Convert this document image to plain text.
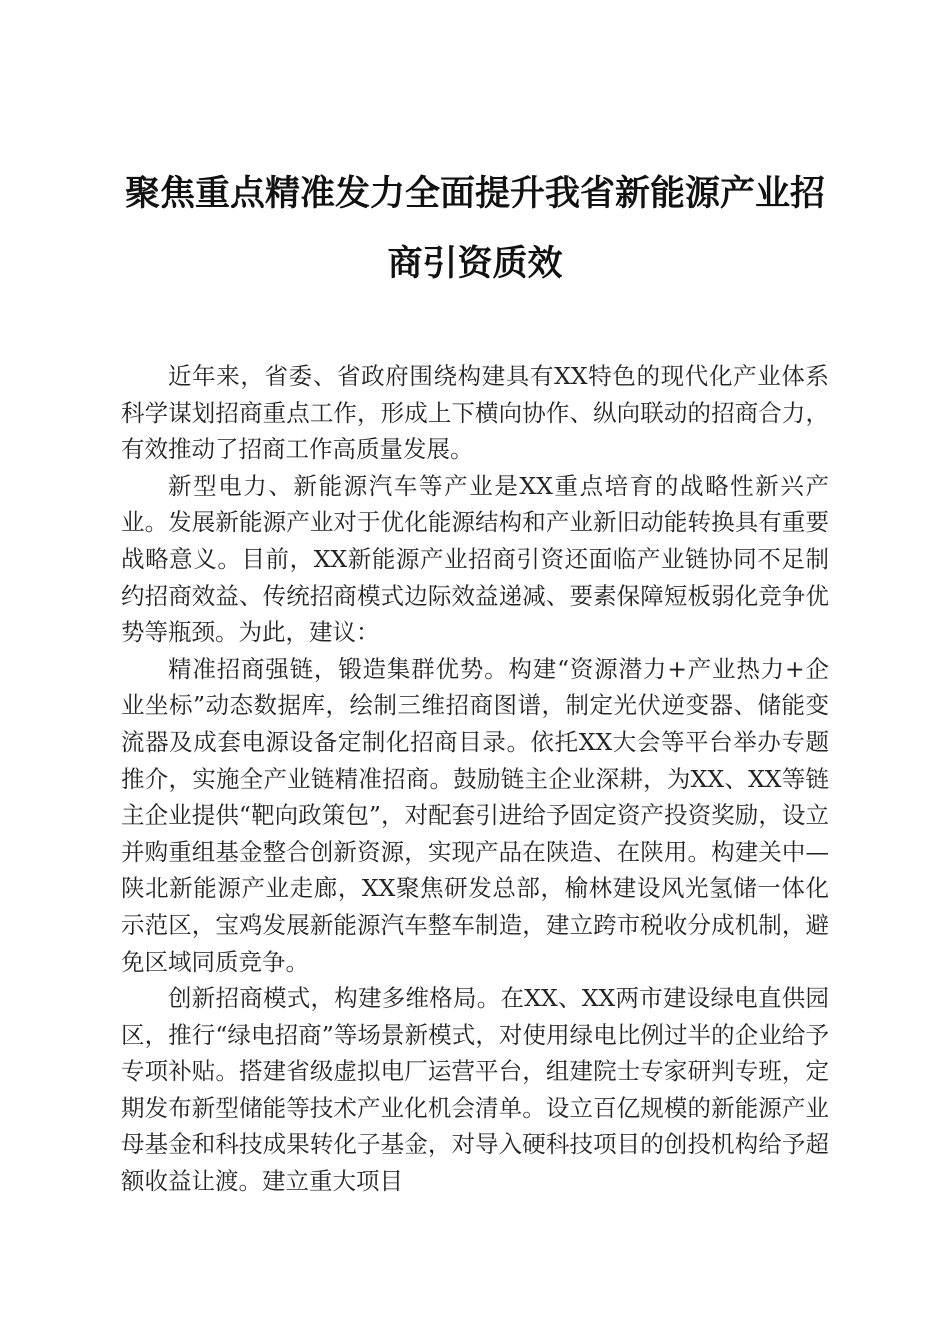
聚焦重点精准发力全面提升我省新能源产业招
商引资质效

近年来，省委、省政府围绕构建具有XX特色的现代化产业体系科学谋划招商重点工作，形成上下横向协作、纵向联动的招商合力，有效推动了招商工作高质量发展。

新型电力、新能源汽车等产业是XX重点培育的战略性新兴产业。发展新能源产业对于优化能源结构和产业新旧动能转换具有重要战略意义。目前，XX新能源产业招商引资还面临产业链协同不足制约招商效益、传统招商模式边际效益递减、要素保障短板弱化竞争优势等瓶颈。为此，建议：

精准招商强链，锻造集群优势。构建“资源潜力+产业热力+企业坐标”动态数据库，绘制三维招商图谱，制定光伏逆变器、储能变流器及成套电源设备定制化招商目录。依托XX大会等平台举办专题推介，实施全产业链精准招商。鼓励链主企业深耕，为XX、XX等链主企业提供“靶向政策包”，对配套引进给予固定资产投资奖励，设立并购重组基金整合创新资源，实现产品在陕造、在陕用。构建关中—陕北新能源产业走廊，XX聚焦研发总部，榆林建设风光氢储一体化示范区，宝鸡发展新能源汽车整车制造，建立跨市税收分成机制，避免区域同质竞争。

创新招商模式，构建多维格局。在XX、XX两市建设绿电直供园区，推行“绿电招商”等场景新模式，对使用绿电比例过半的企业给予专项补贴。搭建省级虚拟电厂运营平台，组建院士专家研判专班，定期发布新型储能等技术产业化机会清单。设立百亿规模的新能源产业母基金和科技成果转化子基金，对导入硬科技项目的创投机构给予超额收益让渡。建立重大项目
